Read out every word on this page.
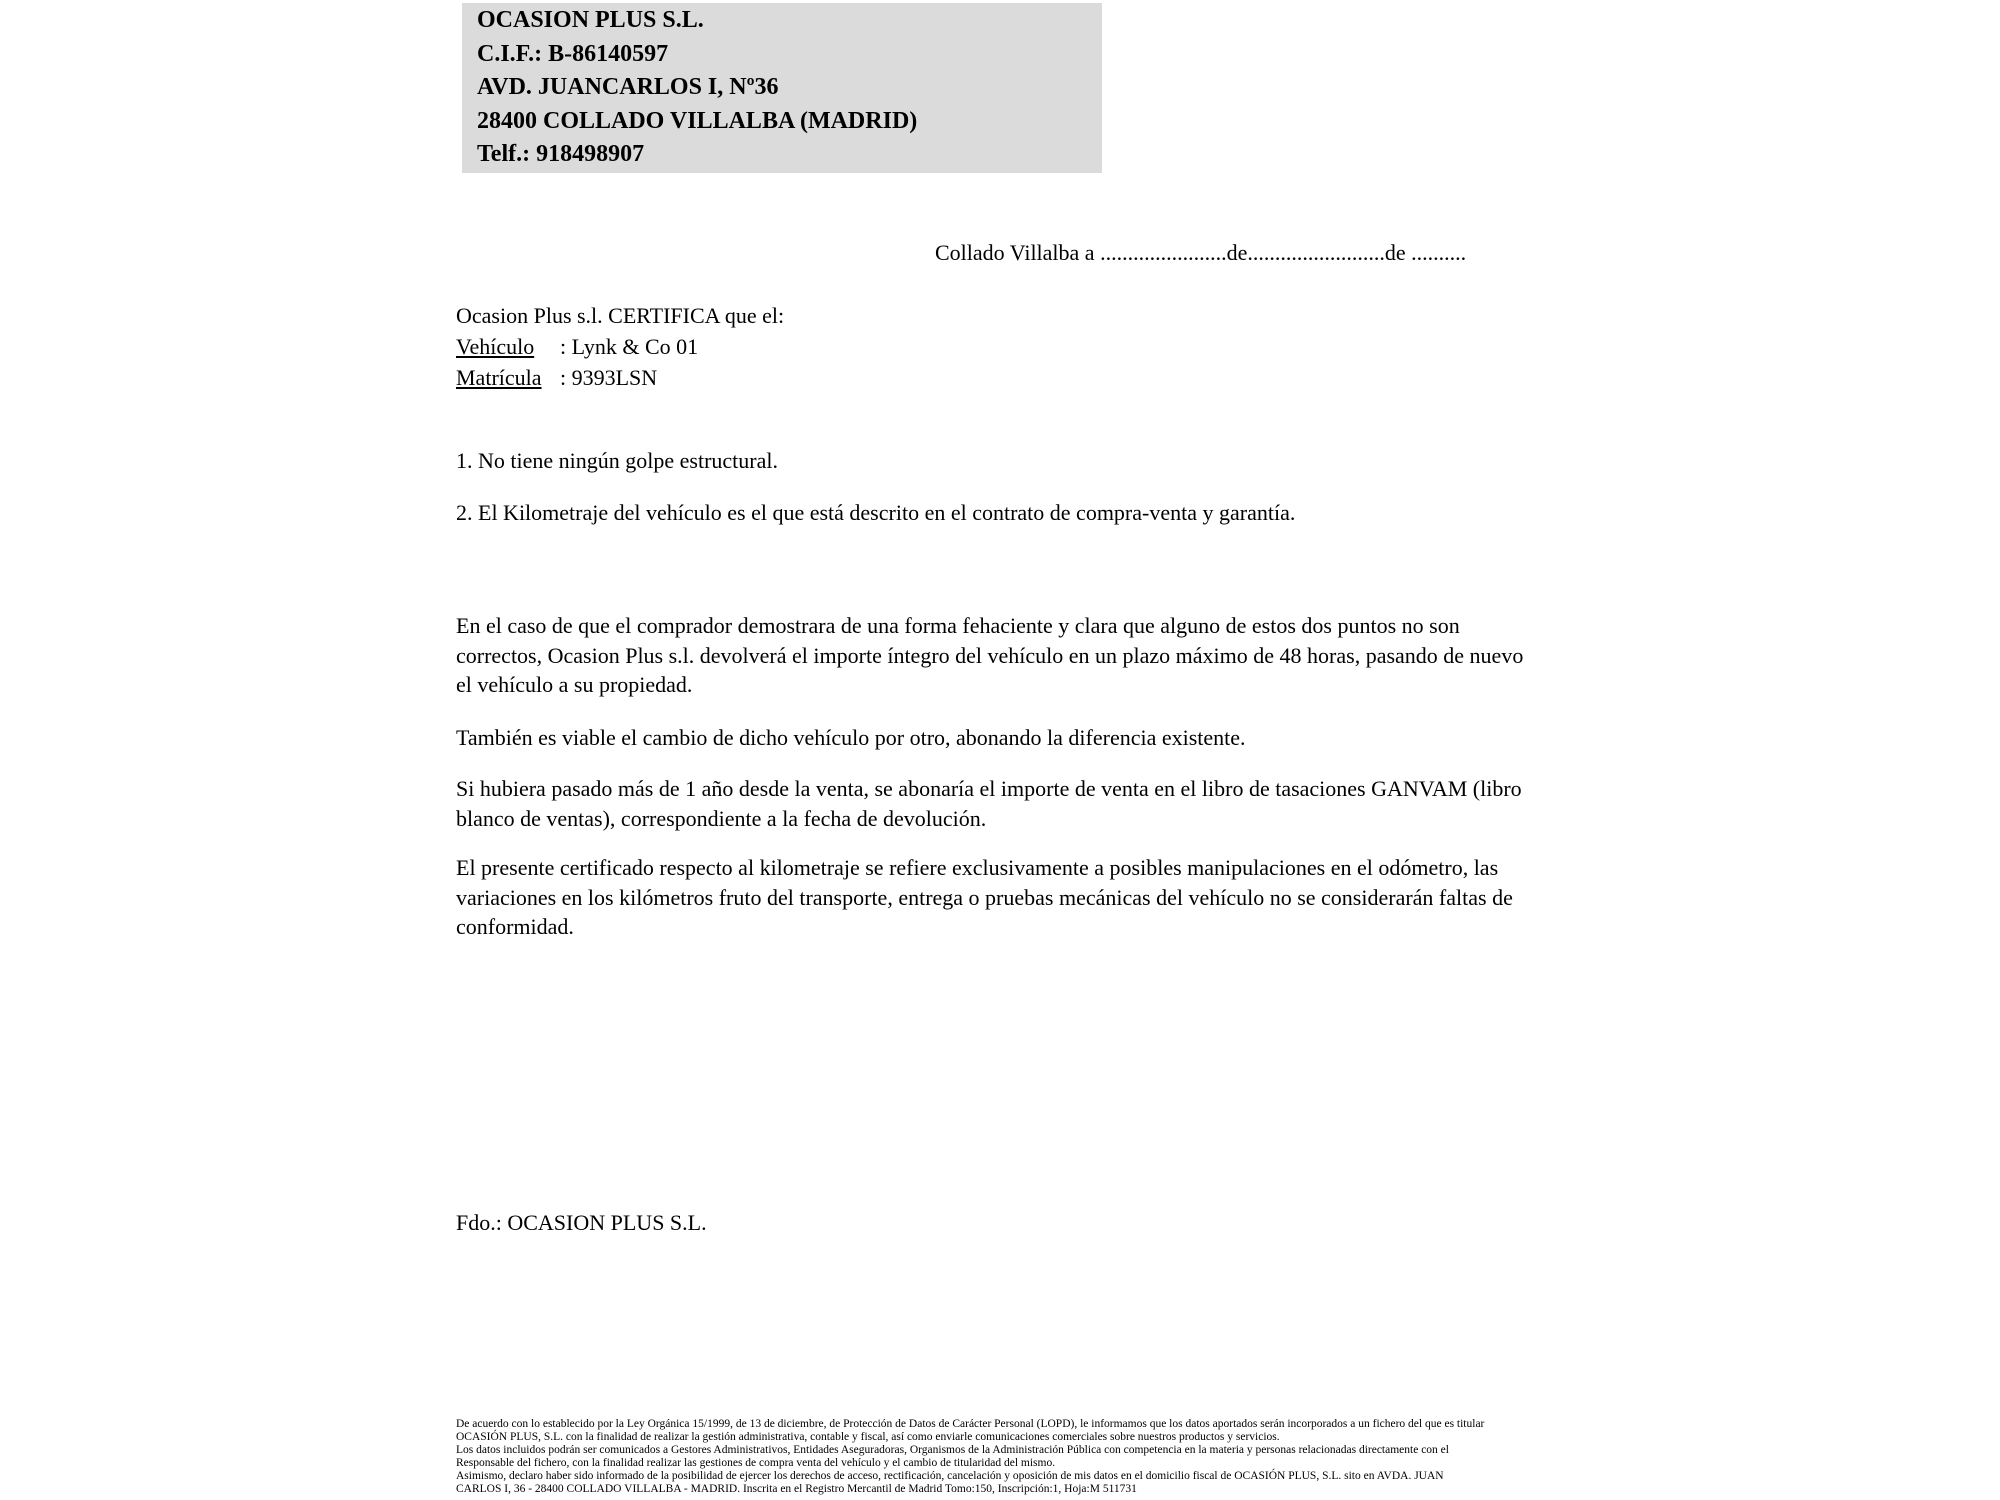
OCASION PLUS S.L.
C.I.F.: B-86140597
AVD. JUANCARLOS I, Nº36
28400 COLLADO VILLALBA (MADRID)
Telf.: 918498907
Collado Villalba a .......................de.........................de ..........
Ocasion Plus s.l. CERTIFICA que el:
Vehículo : Lynk & Co 01
Matrícula : 9393LSN
1. No tiene ningún golpe estructural.
2. El Kilometraje del vehículo es el que está descrito en el contrato de compra-venta y garantía.
En el caso de que el comprador demostrara de una forma fehaciente y clara que alguno de estos dos puntos no son correctos, Ocasion Plus s.l. devolverá el importe íntegro del vehículo en un plazo máximo de 48 horas, pasando de nuevo el vehículo a su propiedad.
También es viable el cambio de dicho vehículo por otro, abonando la diferencia existente.
Si hubiera pasado más de 1 año desde la venta, se abonaría el importe de venta en el libro de tasaciones GANVAM (libro blanco de ventas), correspondiente a la fecha de devolución.
El presente certificado respecto al kilometraje se refiere exclusivamente a posibles manipulaciones en el odómetro, las variaciones en los kilómetros fruto del transporte, entrega o pruebas mecánicas del vehículo no se considerarán faltas de conformidad.
Fdo.: OCASION PLUS S.L.
De acuerdo con lo establecido por la Ley Orgánica 15/1999, de 13 de diciembre, de Protección de Datos de Carácter Personal (LOPD), le informamos que los datos aportados serán incorporados a un fichero del que es titular
OCASIÓN PLUS, S.L. con la finalidad de realizar la gestión administrativa, contable y fiscal, así como enviarle comunicaciones comerciales sobre nuestros productos y servicios.
Los datos incluidos podrán ser comunicados a Gestores Administrativos, Entidades Aseguradoras, Organismos de la Administración Pública con competencia en la materia y personas relacionadas directamente con el
Responsable del fichero, con la finalidad realizar las gestiones de compra venta del vehículo y el cambio de titularidad del mismo.
Asimismo, declaro haber sido informado de la posibilidad de ejercer los derechos de acceso, rectificación, cancelación y oposición de mis datos en el domicilio fiscal de OCASIÓN PLUS, S.L. sito en AVDA. JUAN
CARLOS I, 36 - 28400 COLLADO VILLALBA - MADRID. Inscrita en el Registro Mercantil de Madrid Tomo:150, Inscripción:1, Hoja:M 511731
